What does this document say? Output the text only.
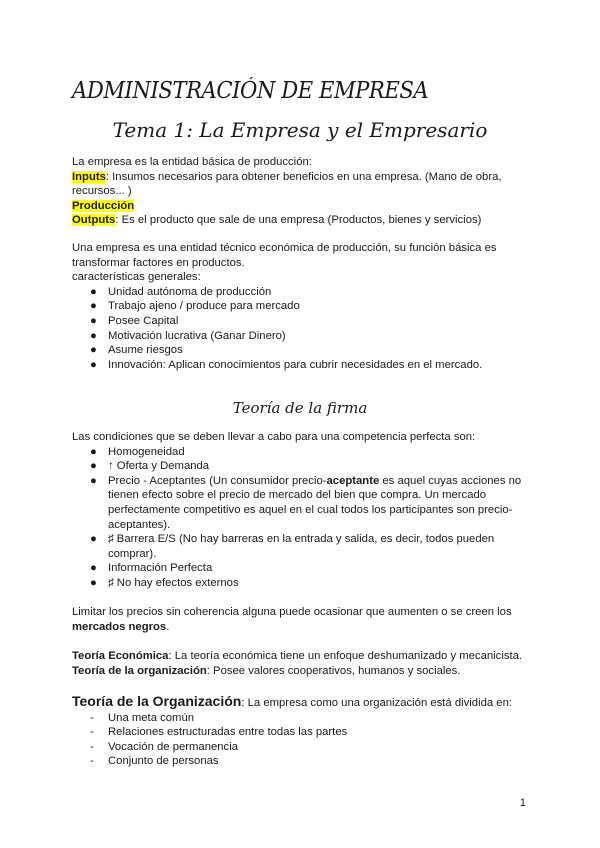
ADMINISTRACIÓN DE EMPRESA
Tema 1: La Empresa y el Empresario

La empresa es la entidad básica de producción:

Inputs: Insumos necesarios para obtener beneficios en una empresa. (Mano de obra, recursos... )

Producción

Outputs: Es el producto que sale de una empresa (Productos, bienes y servicios)

Una empresa es una entidad técnico económica de producción, su función básica es transformar factores en productos.

características generales:

● Unidad autónoma de producción
● Trabajo ajeno / produce para mercado
● Posee Capital
● Motivación lucrativa (Ganar Dinero)
● Asume riesgos
● Innovación: Aplican conocimientos para cubrir necesidades en el mercado.
Teoría de la firma

Las condiciones que se deben llevar a cabo para una competencia perfecta son:

● Homogeneidad
● ↑ Oferta y Demanda
● Precio - Aceptantes (Un consumidor precio-aceptante es aquel cuyas acciones no tienen efecto sobre el precio de mercado del bien que compra. Un mercado perfectamente competitivo es aquel en el cual todos los participantes son precio-aceptantes).
● ♯ Barrera E/S (No hay barreras en la entrada y salida, es decir, todos pueden comprar).
● Información Perfecta
● ♯ No hay efectos externos

Limitar los precios sin coherencia alguna puede ocasionar que aumenten o se creen los mercados negros.

Teoría Económica: La teoría económica tiene un enfoque deshumanizado y mecanicista.

Teoría de la organización: Posee valores cooperativos, humanos y sociales.

Teoría de la Organización: La empresa como una organización está dividida en:

- Una meta común
- Relaciones estructuradas entre todas las partes
- Vocación de permanencia
- Conjunto de personas
1
